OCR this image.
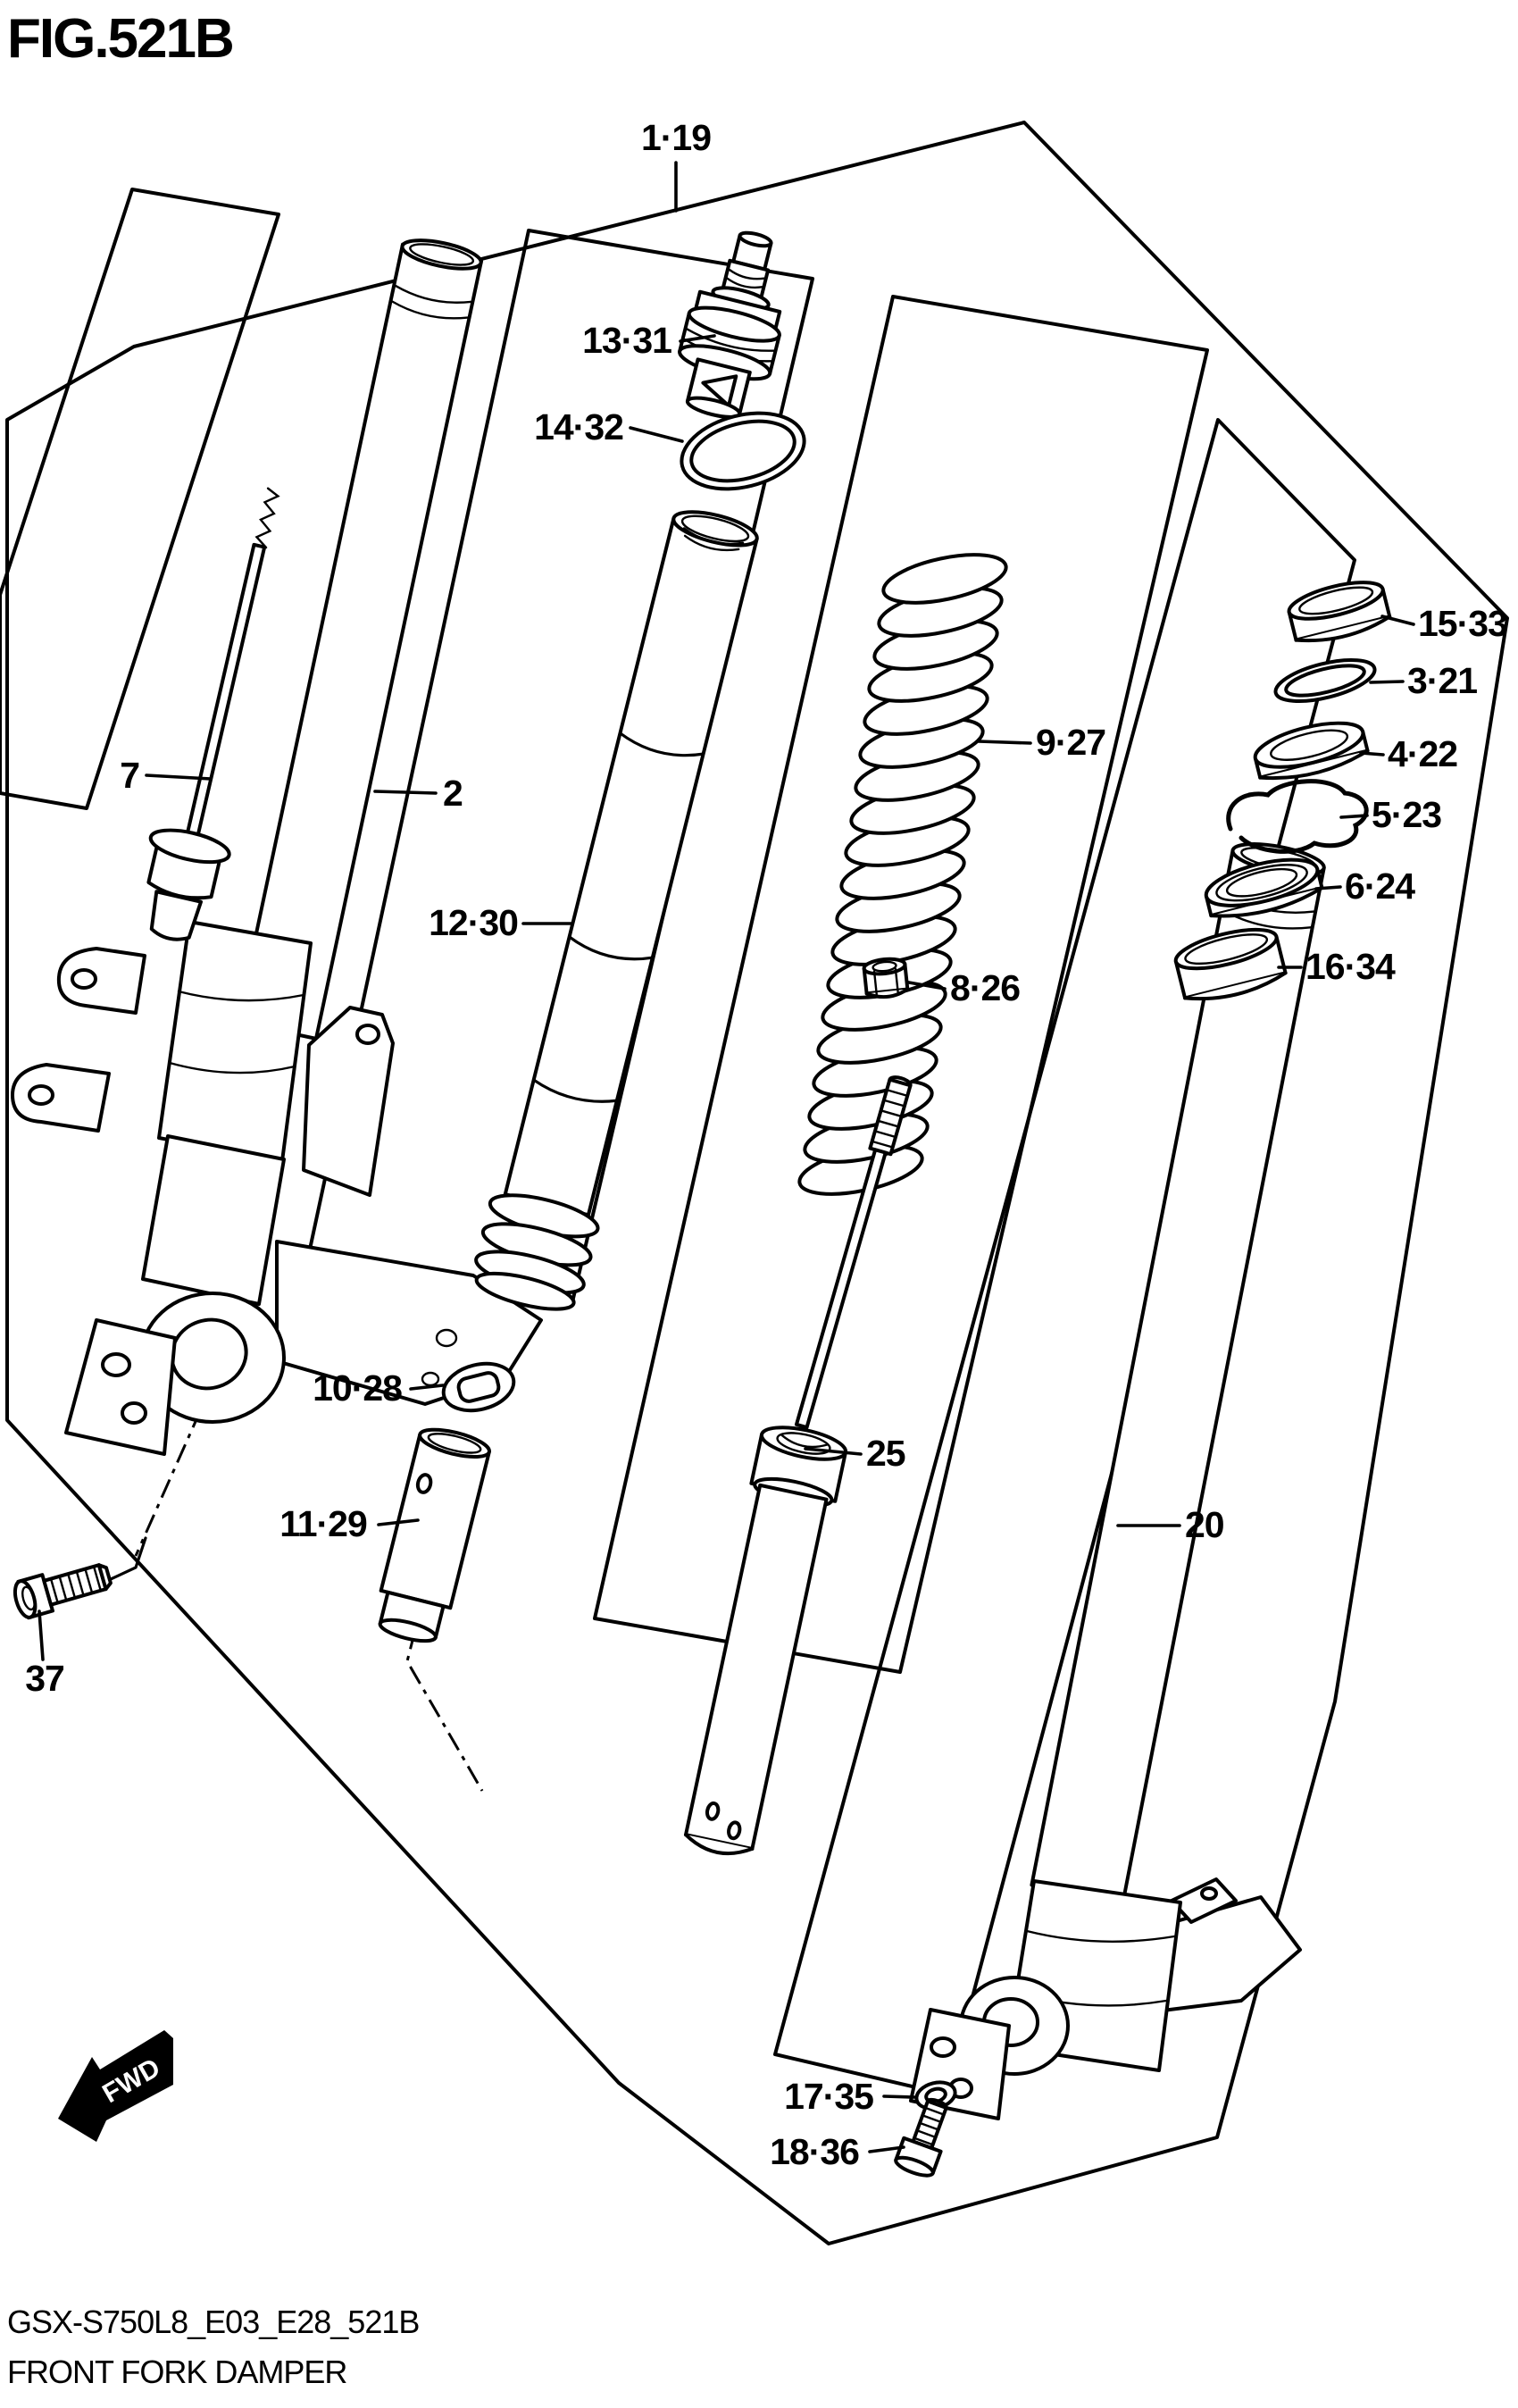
FWD
1·19
13·31
14·32
15·33
3·21
4·22
5·23
6·24
16·34
9·27
8·26
12·30
2
7
10·28
11·29
25
20
37
17·35
18·36
FIG.521B
GSX-S750L8_E03_E28_521B
FRONT FORK DAMPER
